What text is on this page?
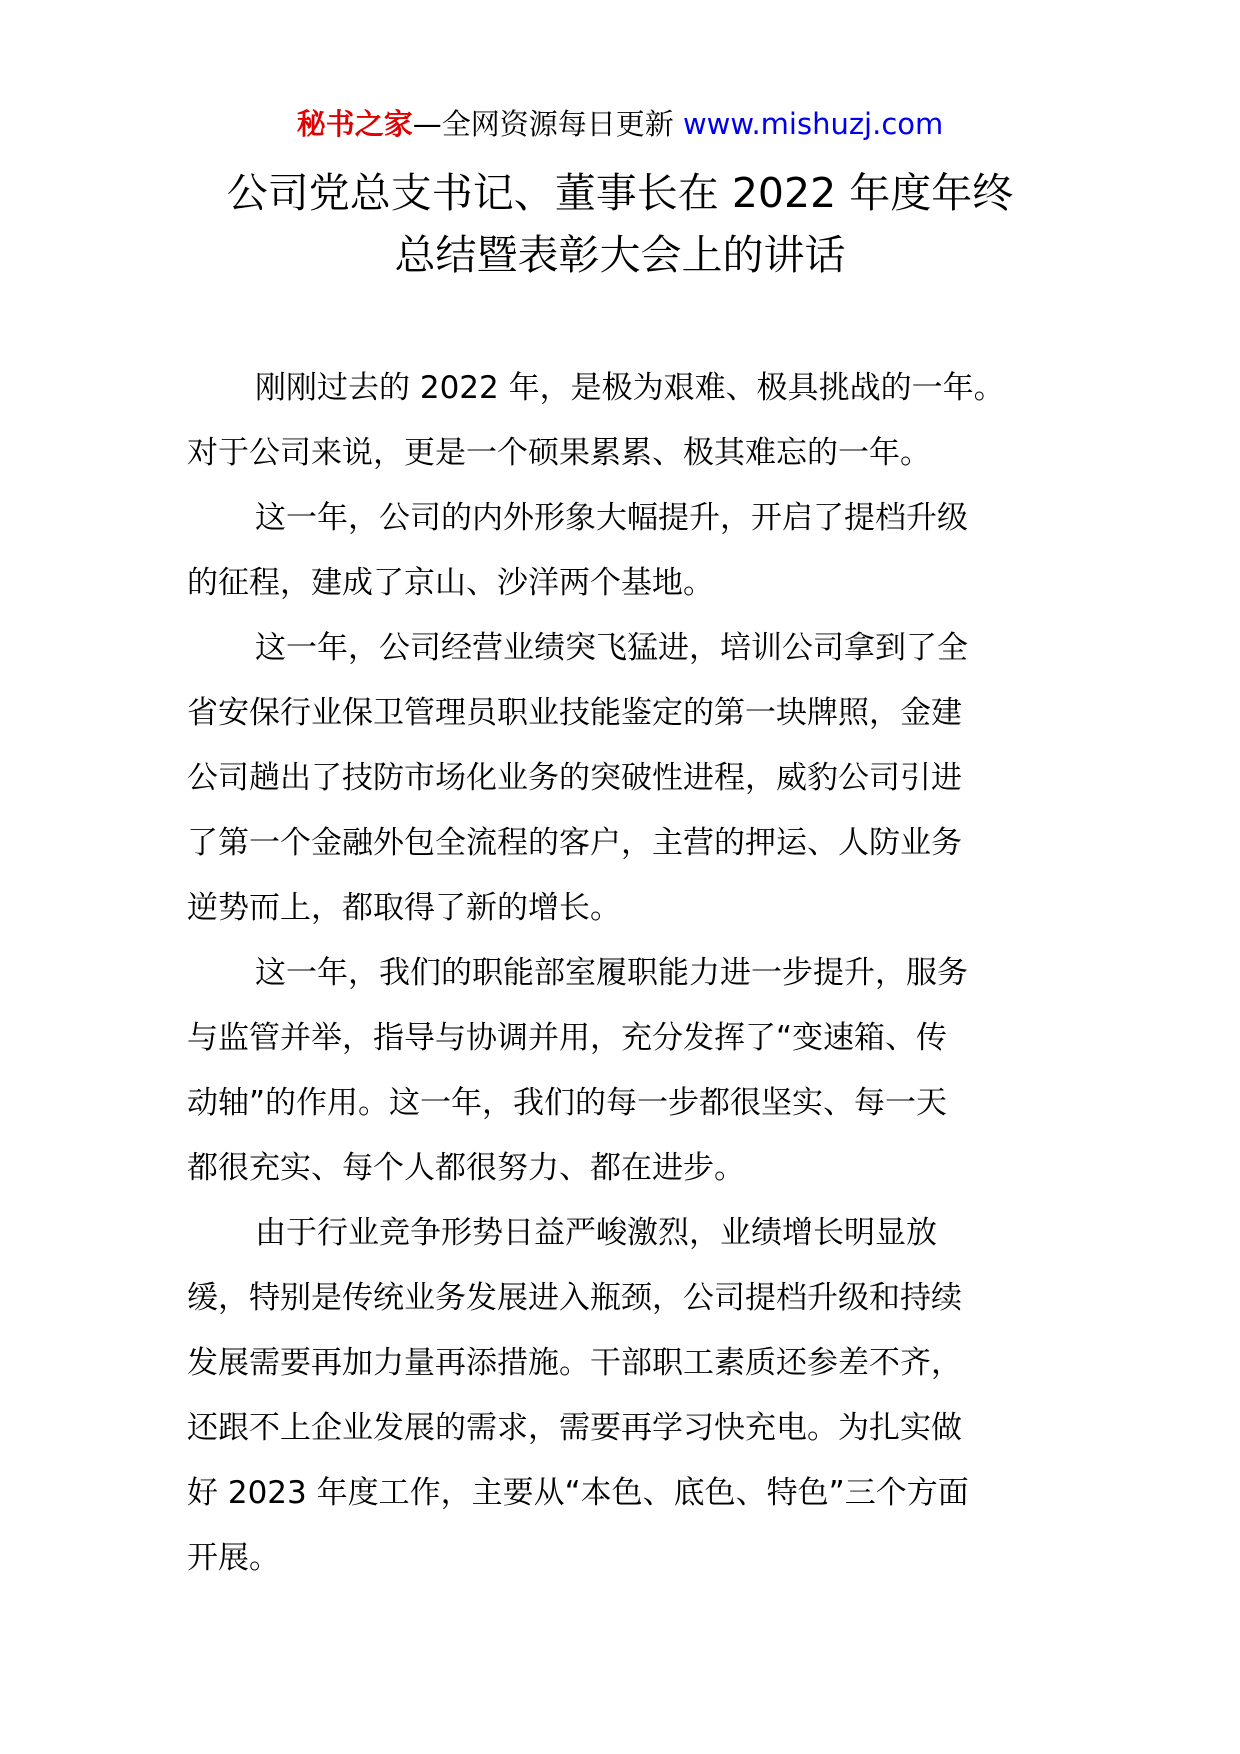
秘书之家—全网资源每日更新 www.mishuzj.com
公司党总支书记、董事长在 2022 年度年终
总结暨表彰大会上的讲话

刚刚过去的 2022 年，是极为艰难、极具挑战的一年。
对于公司来说，更是一个硕果累累、极其难忘的一年。

这一年，公司的内外形象大幅提升，开启了提档升级
的征程，建成了京山、沙洋两个基地。

这一年，公司经营业绩突飞猛进，培训公司拿到了全
省安保行业保卫管理员职业技能鉴定的第一块牌照，金建
公司趟出了技防市场化业务的突破性进程，威豹公司引进
了第一个金融外包全流程的客户，主营的押运、人防业务
逆势而上，都取得了新的增长。

这一年，我们的职能部室履职能力进一步提升，服务
与监管并举，指导与协调并用，充分发挥了“变速箱、传
动轴”的作用。这一年，我们的每一步都很坚实、每一天
都很充实、每个人都很努力、都在进步。

由于行业竞争形势日益严峻激烈，业绩增长明显放
缓，特别是传统业务发展进入瓶颈，公司提档升级和持续
发展需要再加力量再添措施。干部职工素质还参差不齐，
还跟不上企业发展的需求，需要再学习快充电。为扎实做
好 2023 年度工作，主要从“本色、底色、特色”三个方面
开展。
